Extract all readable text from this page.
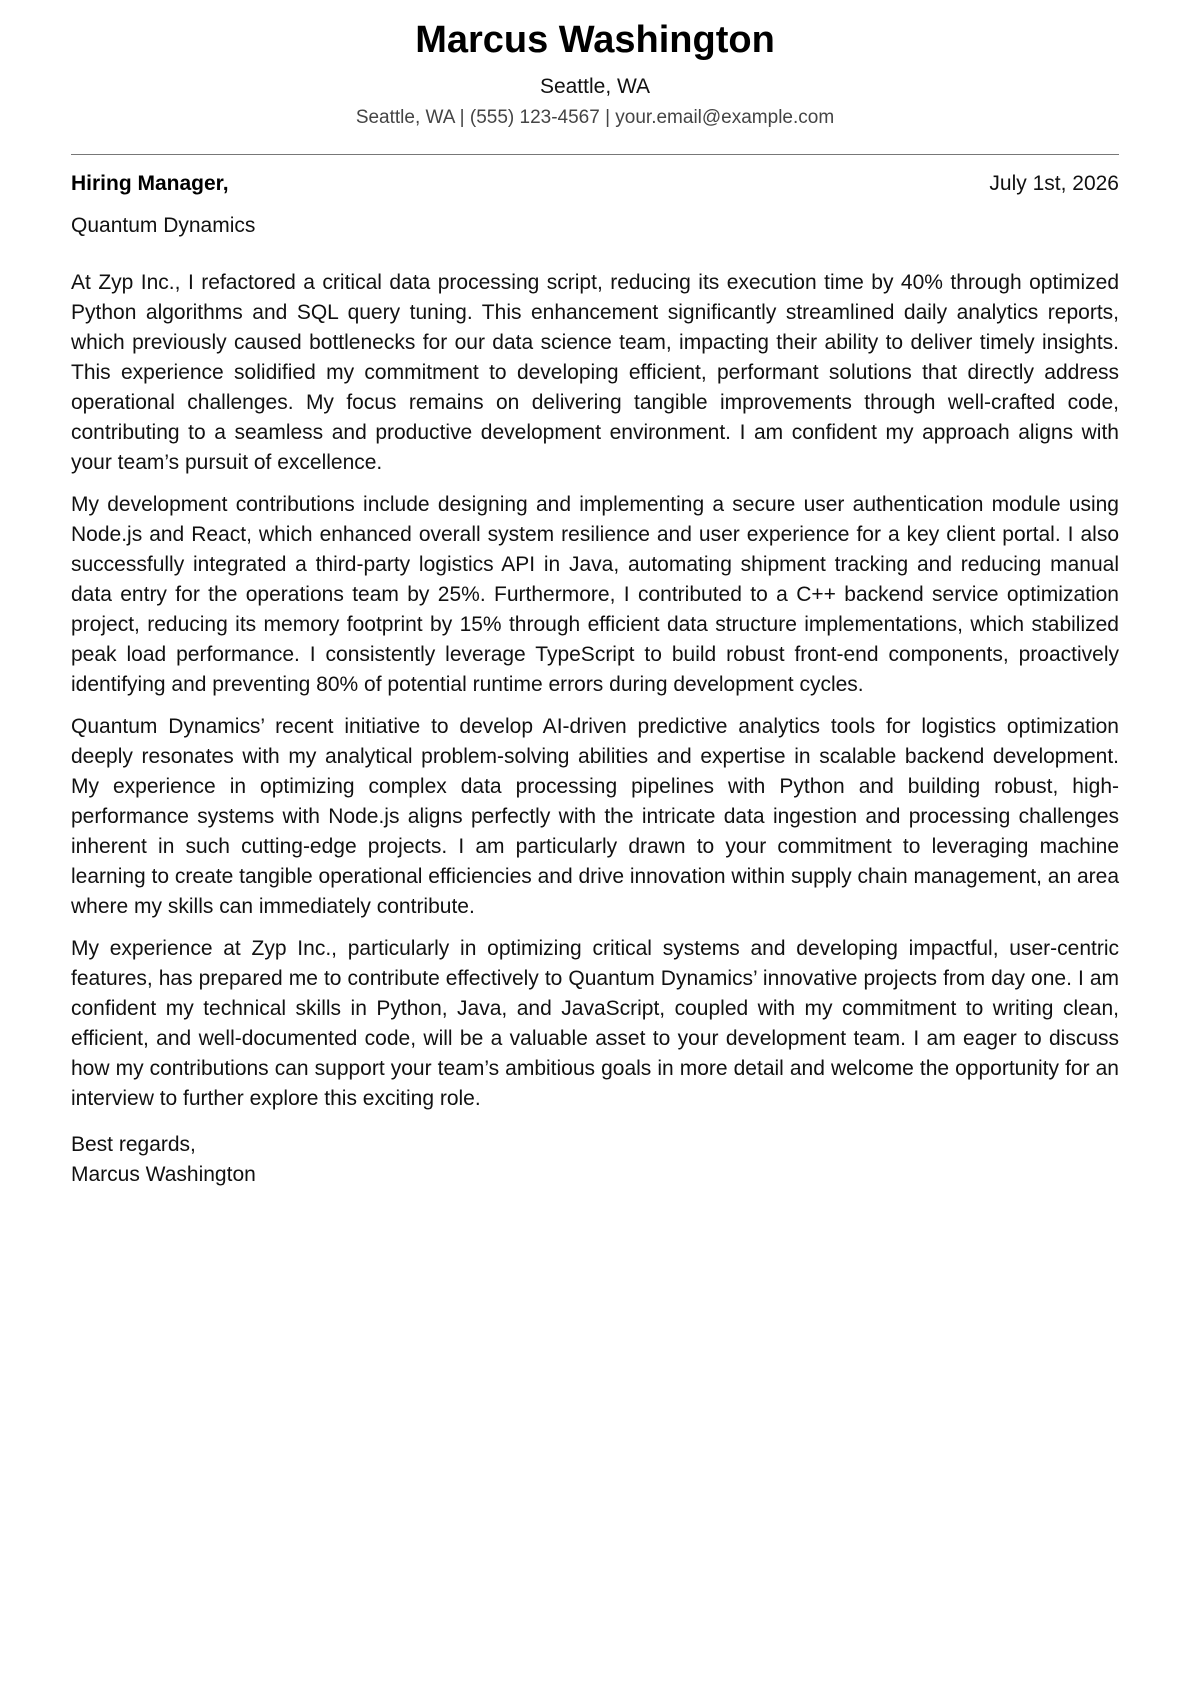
Marcus Washington
Seattle, WA
Seattle, WA | (555) 123-4567 | your.email@example.com
Hiring Manager,	July 1st, 2026
Quantum Dynamics

At Zyp Inc., I refactored a critical data processing script, reducing its execution time by 40% through optimized Python algorithms and SQL query tuning. This enhancement significantly streamlined daily analytics reports, which previously caused bottlenecks for our data science team, impacting their ability to deliver timely insights. This experience solidified my commitment to developing efficient, performant solutions that directly address operational challenges. My focus remains on delivering tangible improvements through well-crafted code, contributing to a seamless and productive development environment. I am confident my approach aligns with your team’s pursuit of excellence.

My development contributions include designing and implementing a secure user authentication module using Node.js and React, which enhanced overall system resilience and user experience for a key client portal. I also successfully integrated a third-party logistics API in Java, automating shipment tracking and reducing manual data entry for the operations team by 25%. Furthermore, I contributed to a C++ backend service optimization project, reducing its memory footprint by 15% through efficient data structure implementations, which stabilized peak load performance. I consistently leverage TypeScript to build robust front-end components, proactively identifying and preventing 80% of potential runtime errors during development cycles.

Quantum Dynamics’ recent initiative to develop AI-driven predictive analytics tools for logistics optimization deeply resonates with my analytical problem-solving abilities and expertise in scalable backend development. My experience in optimizing complex data processing pipelines with Python and building robust, high-performance systems with Node.js aligns perfectly with the intricate data ingestion and processing challenges inherent in such cutting-edge projects. I am particularly drawn to your commitment to leveraging machine learning to create tangible operational efficiencies and drive innovation within supply chain management, an area where my skills can immediately contribute.

My experience at Zyp Inc., particularly in optimizing critical systems and developing impactful, user-centric features, has prepared me to contribute effectively to Quantum Dynamics’ innovative projects from day one. I am confident my technical skills in Python, Java, and JavaScript, coupled with my commitment to writing clean, efficient, and well-documented code, will be a valuable asset to your development team. I am eager to discuss how my contributions can support your team’s ambitious goals in more detail and welcome the opportunity for an interview to further explore this exciting role.

Best regards,
Marcus Washington
